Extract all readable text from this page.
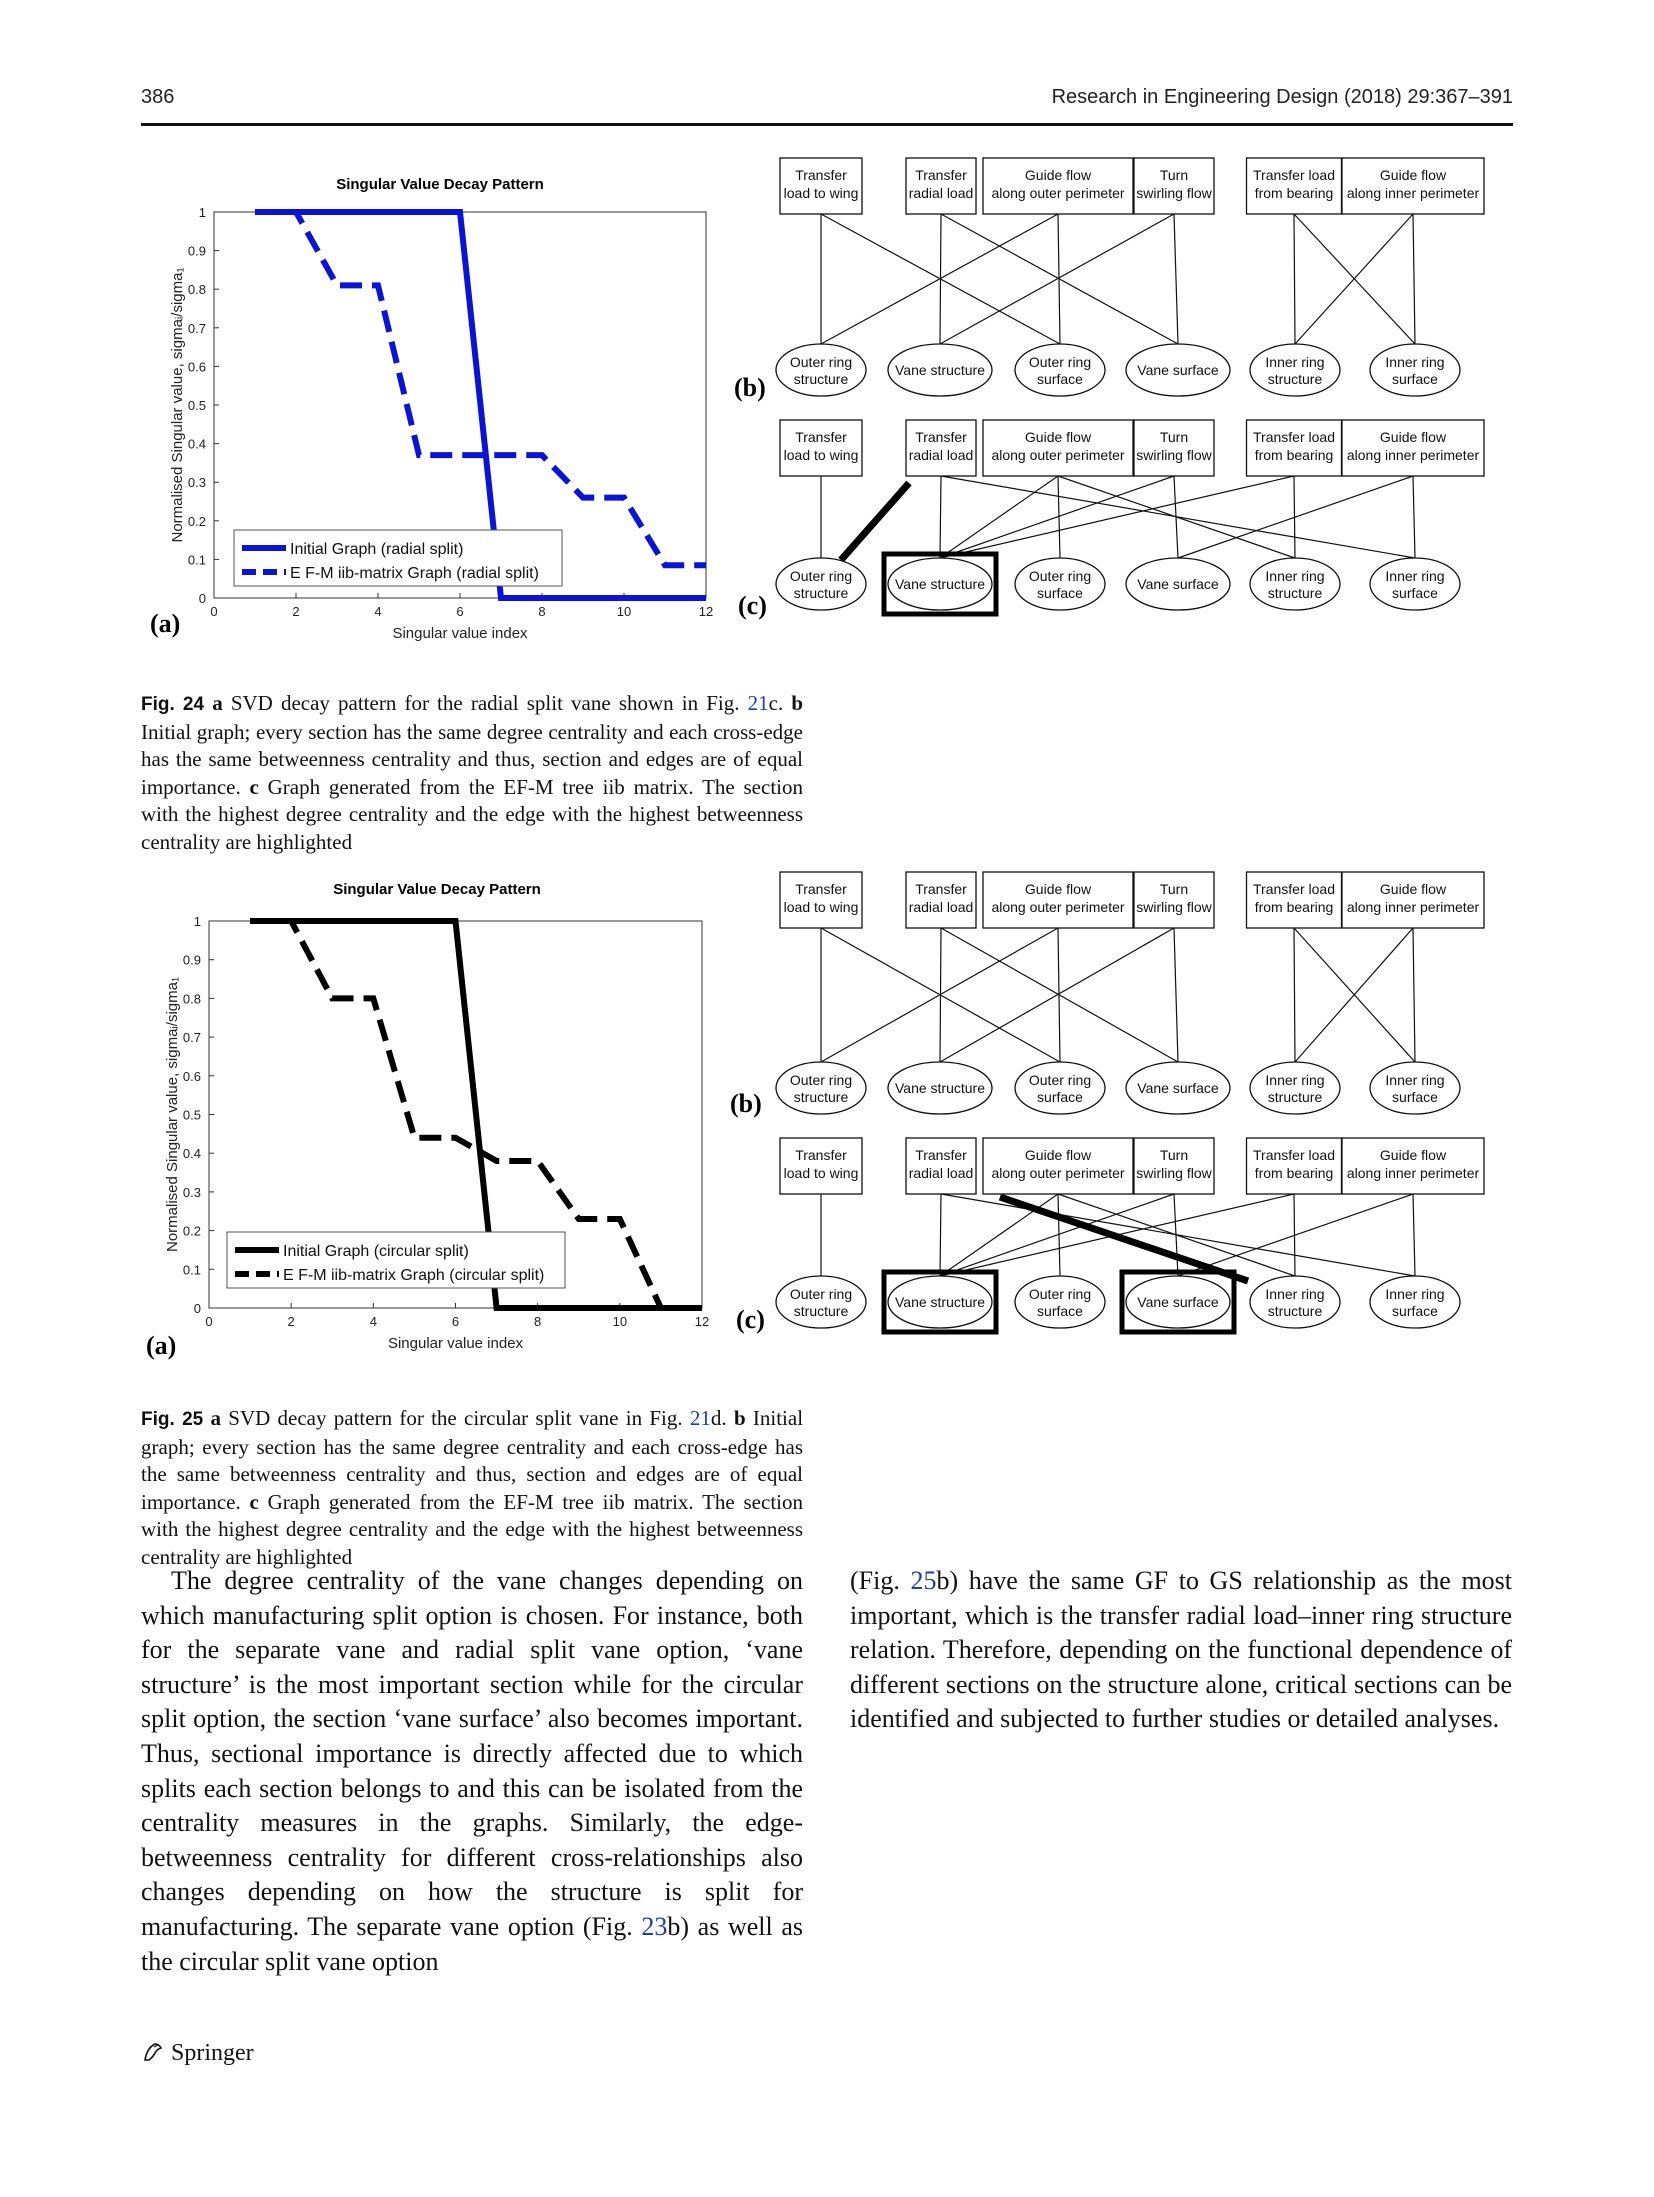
386	Research in Engineering Design (2018) 29:367–391
Singular Value Decay Pattern
0	2	4	6	8	10	12
0
0.1
0.2
0.3
0.4
0.5
0.6
0.7
0.8
0.9
1
Singular value index
Normalised Singular value, sigmaᵢ/sigma₁
Initial Graph (radial split)
E F-M iib-matrix Graph (radial split)
(a)
Transfer
load to wing
Transfer
radial load
Guide flow
along outer perimeter
Turn
swirling flow
Transfer load
from bearing
Guide flow
along inner perimeter
Outer ring
structure
Vane structure	Outer ring
surface
Vane surface	Inner ring
structure
Inner ring
surface
Transfer
load to wing
Transfer
radial load
Guide flow
along outer perimeter
Turn
swirling flow
Transfer load
from bearing
Guide flow
along inner perimeter
Outer ring
structure
Vane structure	Outer ring
surface
Vane surface	Inner ring
structure
Inner ring
surface
(b)
(c)
Fig. 24 a SVD decay pattern for the radial split vane shown in Fig. 21c. b Initial graph; every section has the same degree centrality and each cross-edge has the same betweenness centrality and thus, section and edges are of equal importance. c Graph generated from the EF-M tree iib matrix. The section with the highest degree centrality and the edge with the highest betweenness centrality are highlighted
Singular Value Decay Pattern
0	2	4	6	8	10	12
0
0.1
0.2
0.3
0.4
0.5
0.6
0.7
0.8
0.9
1
Singular value index
Normalised Singular value, sigmaᵢ/sigma₁	Initial Graph (circular split)
E F-M iib-matrix Graph (circular split)
(a)
Transfer
load to wing
Transfer
radial load
Guide flow
along outer perimeter
Turn
swirling flow
Transfer load
from bearing
Guide flow
along inner perimeter
Outer ring
structure
Vane structure	Outer ring
surface
Vane surface	Inner ring
structure
Inner ring
surface
Transfer
load to wing
Transfer
radial load
Guide flow
along outer perimeter
Turn
swirling flow
Transfer load
from bearing
Guide flow
along inner perimeter
Outer ring
structure
Vane structure	Outer ring
surface
Vane surface	Inner ring
structure
Inner ring
surface
(b)
(c)
Fig. 25 a SVD decay pattern for the circular split vane in Fig. 21d. b Initial graph; every section has the same degree centrality and each cross-edge has the same betweenness centrality and thus, section and edges are of equal importance. c Graph generated from the EF-M tree iib matrix. The section with the highest degree centrality and the edge with the highest betweenness centrality are highlighted
The degree centrality of the vane changes depending on which manufacturing split option is chosen. For instance, both for the separate vane and radial split vane option, ‘vane structure’ is the most important section while for the circular split option, the section ‘vane surface’ also becomes important. Thus, sectional importance is directly affected due to which splits each section belongs to and this can be isolated from the centrality measures in the graphs. Similarly, the edge-betweenness centrality for different cross-relationships also changes depending on how the structure is split for manufacturing. The separate vane option (Fig. 23b) as well as the circular split vane option
(Fig. 25b) have the same GF to GS relationship as the most important, which is the transfer radial load–inner ring structure relation. Therefore, depending on the functional dependence of different sections on the structure alone, critical sections can be identified and subjected to further studies or detailed analyses.
Springer
